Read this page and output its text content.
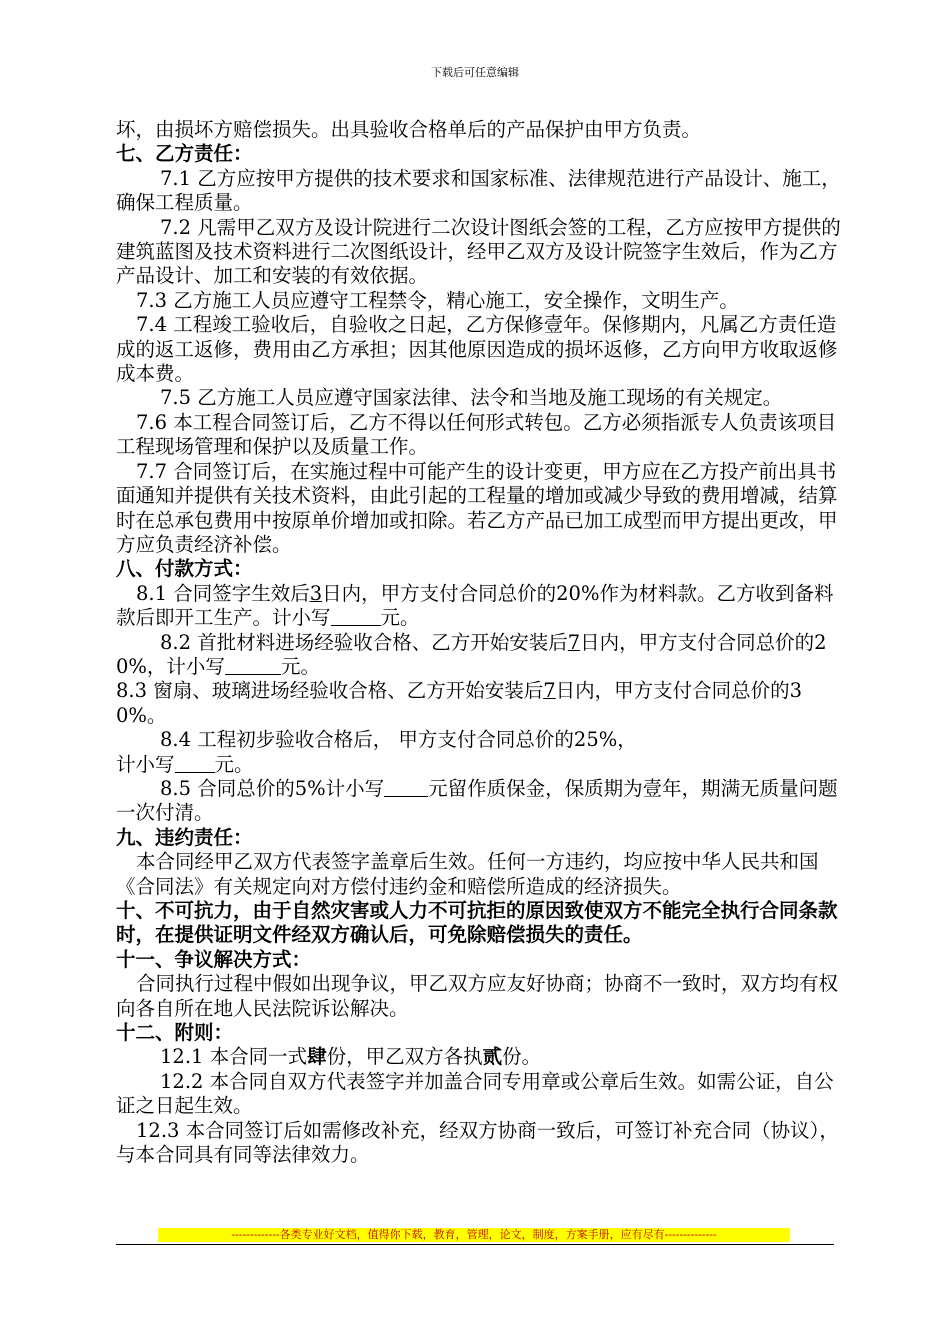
下载后可任意编辑

坏，由损坏方赔偿损失。出具验收合格单后的产品保护由甲方负责。

七、乙方责任：

7.1 乙方应按甲方提供的技术要求和国家标准、法律规范进行产品设计、施工，确保工程质量。

7.2 凡需甲乙双方及设计院进行二次设计图纸会签的工程，乙方应按甲方提供的建筑蓝图及技术资料进行二次图纸设计，经甲乙双方及设计院签字生效后，作为乙方产品设计、加工和安装的有效依据。

7.3 乙方施工人员应遵守工程禁令，精心施工，安全操作，文明生产。

7.4 工程竣工验收后，自验收之日起，乙方保修壹年。保修期内，凡属乙方责任造成的返工返修，费用由乙方承担；因其他原因造成的损坏返修，乙方向甲方收取返修成本费。

7.5 乙方施工人员应遵守国家法律、法令和当地及施工现场的有关规定。

7.6 本工程合同签订后，乙方不得以任何形式转包。乙方必须指派专人负责该项目工程现场管理和保护以及质量工作。

7.7 合同签订后，在实施过程中可能产生的设计变更，甲方应在乙方投产前出具书面通知并提供有关技术资料，由此引起的工程量的增加或减少导致的费用增减，结算时在总承包费用中按原单价增加或扣除。若乙方产品已加工成型而甲方提出更改，甲方应负责经济补偿。

八、付款方式：

8.1 合同签字生效后3日内，甲方支付合同总价的20%作为材料款。乙方收到备料款后即开工生产。计小写	元。

8.2 首批材料进场经验收合格、乙方开始安装后7日内，甲方支付合同总价的20%，计小写	元。

8.3 窗扇、玻璃进场经验收合格、乙方开始安装后7日内，甲方支付合同总价的30%。

8.4 工程初步验收合格后， 甲方支付合同总价的25%，

计小写 元。

8.5 合同总价的5%计小写 元留作质保金，保质期为壹年，期满无质量问题一次付清。

九、违约责任：

本合同经甲乙双方代表签字盖章后生效。任何一方违约，均应按中华人民共和国《合同法》有关规定向对方偿付违约金和赔偿所造成的经济损失。

十、不可抗力，由于自然灾害或人力不可抗拒的原因致使双方不能完全执行合同条款时，在提供证明文件经双方确认后，可免除赔偿损失的责任。

十一、争议解决方式：

合同执行过程中假如出现争议，甲乙双方应友好协商；协商不一致时，双方均有权向各自所在地人民法院诉讼解决。

十二、附则：

12.1 本合同一式肆份，甲乙双方各执贰份。

12.2 本合同自双方代表签字并加盖合同专用章或公章后生效。如需公证，自公证之日起生效。

12.3 本合同签订后如需修改补充，经双方协商一致后，可签订补充合同（协议），与本合同具有同等法律效力。

-------------各类专业好文档，值得你下载，教育，管理，论文，制度，方案手册，应有尽有--------------
